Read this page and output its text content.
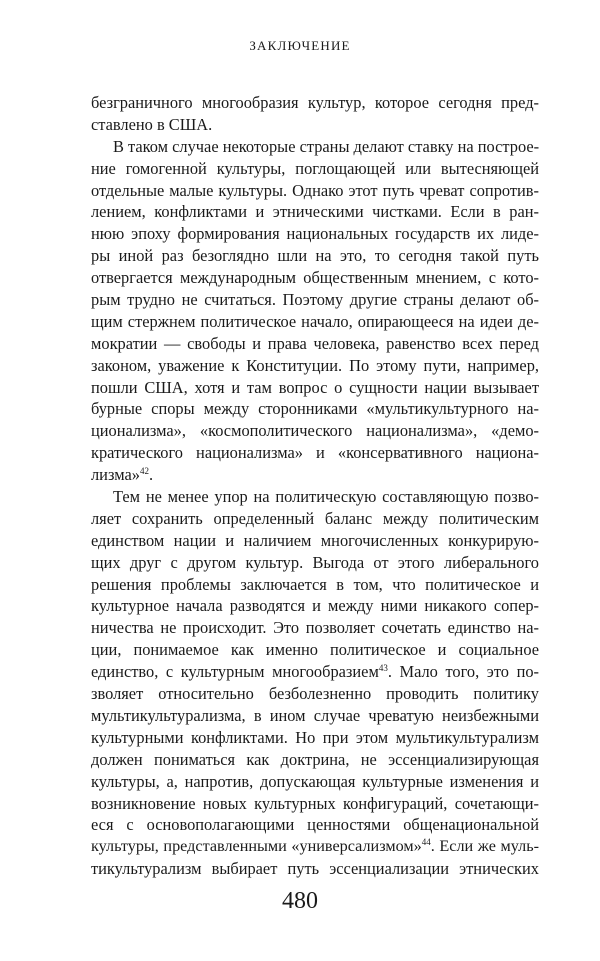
ЗАКЛЮЧЕНИЕ
безграничного многообразия культур, которое сегодня пред-
ставлено в США.
В таком случае некоторые страны делают ставку на построе-
ние гомогенной культуры, поглощающей или вытесняющей
отдельные малые культуры. Однако этот путь чреват сопротив-
лением, конфликтами и этническими чистками. Если в ран-
нюю эпоху формирования национальных государств их лиде-
ры иной раз безоглядно шли на это, то сегодня такой путь
отвергается международным общественным мнением, с кото-
рым трудно не считаться. Поэтому другие страны делают об-
щим стержнем политическое начало, опирающееся на идеи де-
мократии — свободы и права человека, равенство всех перед
законом, уважение к Конституции. По этому пути, например,
пошли США, хотя и там вопрос о сущности нации вызывает
бурные споры между сторонниками «мультикультурного на-
ционализма», «космополитического национализма», «демо-
кратического национализма» и «консервативного национа-
лизма»$^{42}$.
Тем не менее упор на политическую составляющую позво-
ляет сохранить определенный баланс между политическим
единством нации и наличием многочисленных конкурирую-
щих друг с другом культур. Выгода от этого либерального
решения проблемы заключается в том, что политическое и
культурное начала разводятся и между ними никакого сопер-
ничества не происходит. Это позволяет сочетать единство на-
ции, понимаемое как именно политическое и социальное
единство, с культурным многообразием$^{43}$. Мало того, это по-
зволяет относительно безболезненно проводить политику
мультикультурализма, в ином случае чреватую неизбежными
культурными конфликтами. Но при этом мультикультурализм
должен пониматься как доктрина, не эссенциализирующая
культуры, а, напротив, допускающая культурные изменения и
возникновение новых культурных конфигураций, сочетающи-
еся с основополагающими ценностями общенациональной
культуры, представленными «универсализмом»$^{44}$. Если же муль-
тикультурализм выбирает путь эссенциализации этнических
480
